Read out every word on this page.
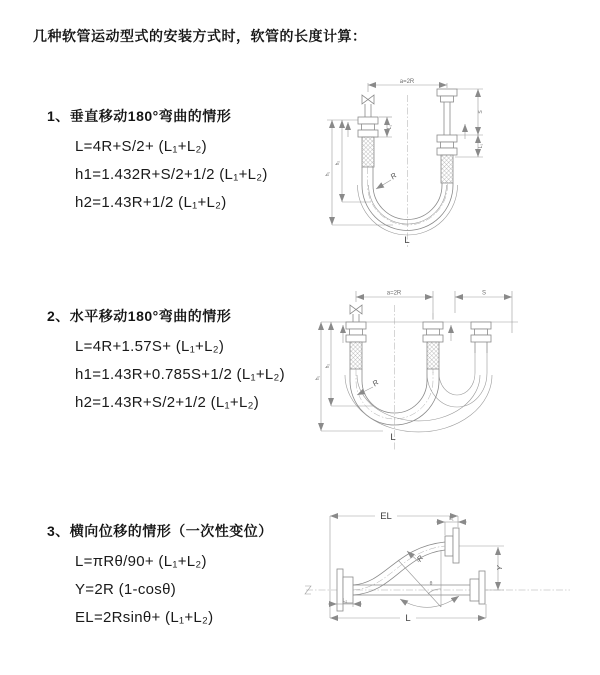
几种软管运动型式的安装方式时，软管的长度计算：
1、垂直移动180°弯曲的情形
L=4R+S/2+ (L₁+L₂)
h1=1.432R+S/2+1/2 (L₁+L₂)
h2=1.43R+1/2 (L₁+L₂)
2、水平移动180°弯曲的情形
L=4R+1.57S+ (L₁+L₂)
h1=1.43R+0.785S+1/2 (L₁+L₂)
h2=1.43R+S/2+1/2 (L₁+L₂)
3、横向位移的情形（一次性变位）
L=πRθ/90+ (L₁+L₂)
Y=2R (1-cosθ)
EL=2Rsinθ+ (L₁+L₂)
a=2R
h₁
h₂
S
L₁
L₁
R
L
a=2R	S
h₁
h₂
R
L
EL	L₁
Y
L
L₂
θ
R
